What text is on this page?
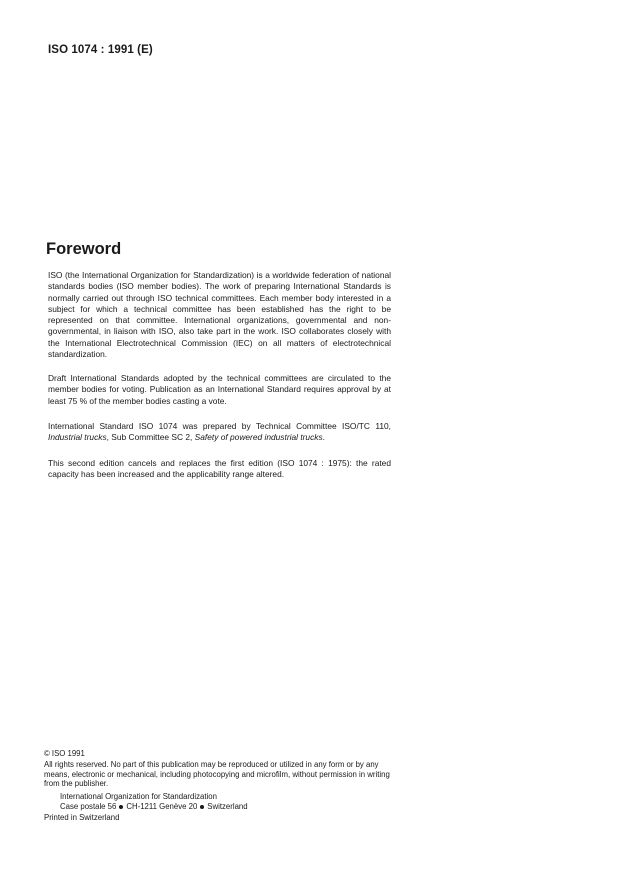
ISO 1074 : 1991 (E)
Foreword

ISO (the International Organization for Standardization) is a worldwide federation of national standards bodies (ISO member bodies). The work of preparing International Standards is normally carried out through ISO technical committees. Each member body interested in a subject for which a technical committee has been established has the right to be represented on that committee. International organizations, governmental and non-governmental, in liaison with ISO, also take part in the work. ISO collaborates closely with the International Electrotechnical Commission (IEC) on all matters of electrotechnical standardization.

Draft International Standards adopted by the technical committees are circulated to the member bodies for voting. Publication as an International Standard requires approval by at least 75 % of the member bodies casting a vote.

International Standard ISO 1074 was prepared by Technical Committee ISO/TC 110, Industrial trucks, Sub Committee SC 2, Safety of powered industrial trucks.

This second edition cancels and replaces the first edition (ISO 1074 : 1975): the rated capacity has been increased and the applicability range altered.

© ISO 1991
All rights reserved. No part of this publication may be reproduced or utilized in any form or by any means, electronic or mechanical, including photocopying and microfilm, without permission in writing from the publisher.
International Organization for Standardization
Case postale 56 CH-1211 Genève 20 Switzerland
Printed in Switzerland
